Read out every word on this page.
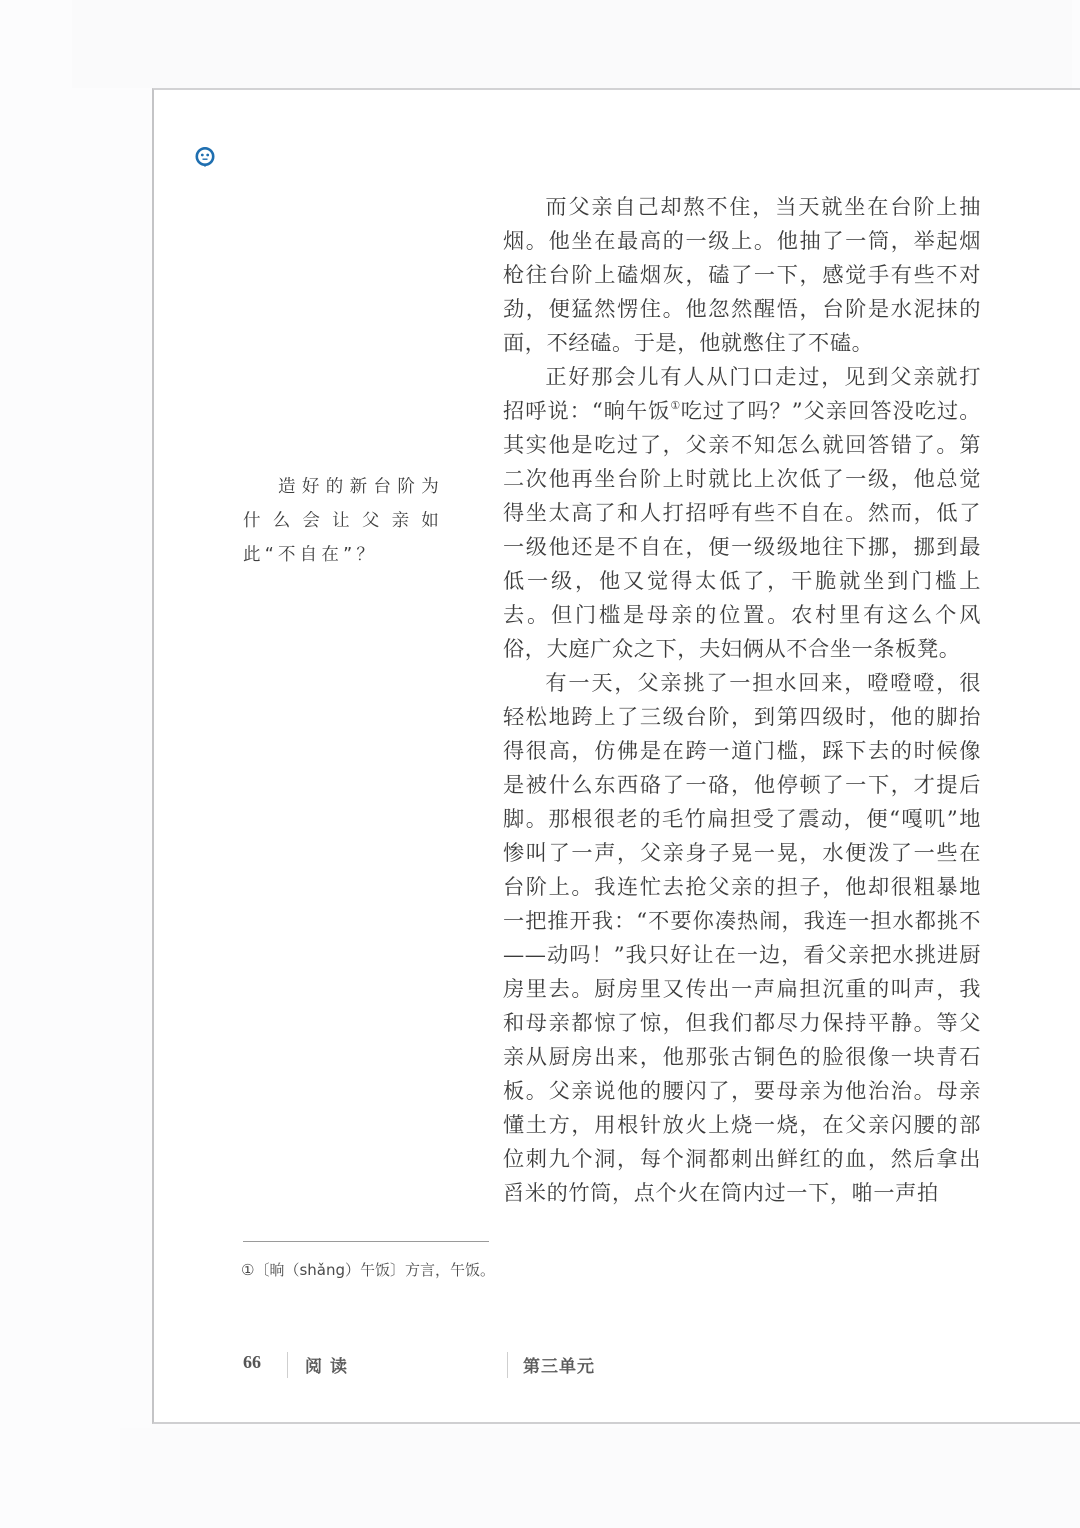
而父亲自己却熬不住，当天就坐在台阶上抽烟。他坐在最高的一级上。他抽了一筒，举起烟枪往台阶上磕烟灰，磕了一下，感觉手有些不对劲，便猛然愣住。他忽然醒悟，台阶是水泥抹的面，不经磕。于是，他就憋住了不磕。

正好那会儿有人从门口走过，见到父亲就打招呼说：“晌午饭①吃过了吗？”父亲回答没吃过。其实他是吃过了，父亲不知怎么就回答错了。第二次他再坐台阶上时就比上次低了一级，他总觉得坐太高了和人打招呼有些不自在。然而，低了一级他还是不自在，便一级级地往下挪，挪到最低一级，他又觉得太低了，干脆就坐到门槛上去。但门槛是母亲的位置。农村里有这么个风俗，大庭广众之下，夫妇俩从不合坐一条板凳。

有一天，父亲挑了一担水回来，噔噔噔，很轻松地跨上了三级台阶，到第四级时，他的脚抬得很高，仿佛是在跨一道门槛，踩下去的时候像是被什么东西硌了一硌，他停顿了一下，才提后脚。那根很老的毛竹扁担受了震动，便“嘎叽”地惨叫了一声，父亲身子晃一晃，水便泼了一些在台阶上。我连忙去抢父亲的担子，他却很粗暴地一把推开我：“不要你凑热闹，我连一担水都挑不——动吗！”我只好让在一边，看父亲把水挑进厨房里去。厨房里又传出一声扁担沉重的叫声，我和母亲都惊了惊，但我们都尽力保持平静。等父亲从厨房出来，他那张古铜色的脸很像一块青石板。父亲说他的腰闪了，要母亲为他治治。母亲懂土方，用根针放火上烧一烧，在父亲闪腰的部位刺九个洞，每个洞都刺出鲜红的血，然后拿出舀米的竹筒，点个火在筒内过一下，啪一声拍

造好的新台阶为什么会让父亲如此“不自在”？

①〔晌（shǎng）午饭〕方言，午饭。
66	阅读	第三单元
